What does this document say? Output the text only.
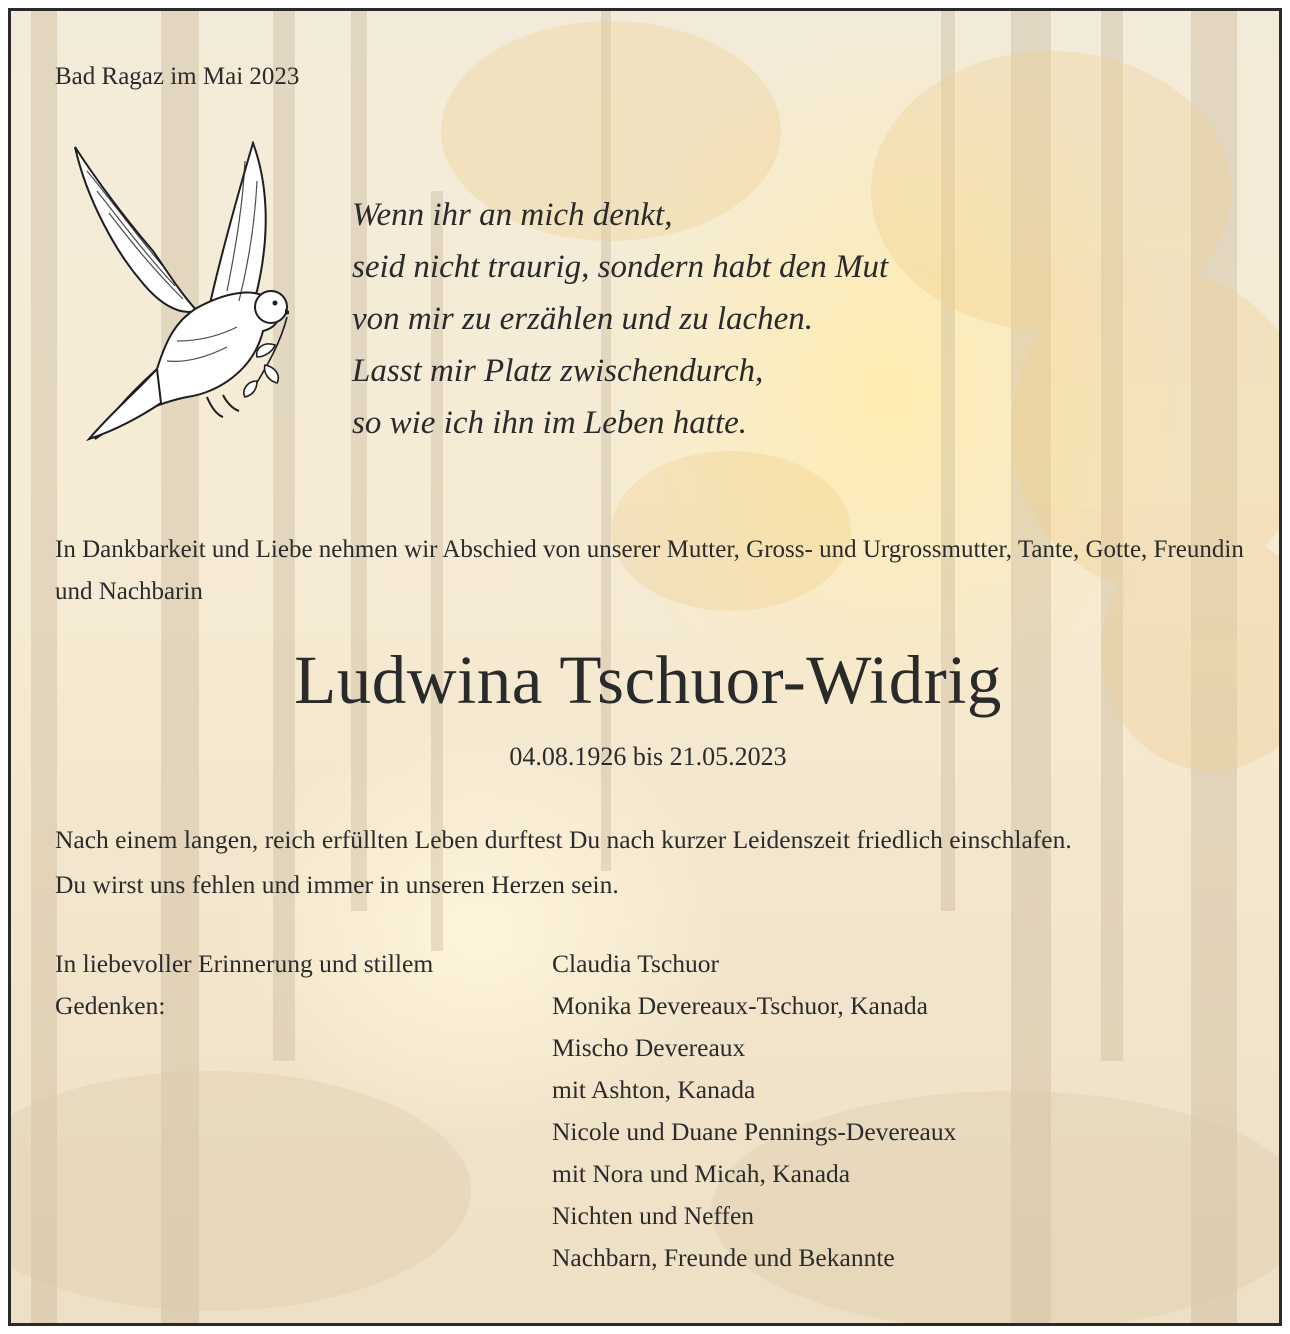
Bad Ragaz im Mai 2023
Wenn ihr an mich denkt,
seid nicht traurig, sondern habt den Mut
von mir zu erzählen und zu lachen.
Lasst mir Platz zwischendurch,
so wie ich ihn im Leben hatte.
In Dankbarkeit und Liebe nehmen wir Abschied von unserer Mutter, Gross- und Urgrossmutter, Tante, Gotte, Freundin und Nachbarin
Ludwina Tschuor-Widrig
04.08.1926 bis 21.05.2023
Nach einem langen, reich erfüllten Leben durftest Du nach kurzer Leidenszeit friedlich einschlafen.
Du wirst uns fehlen und immer in unseren Herzen sein.
In liebevoller Erinnerung und stillem Gedenken:
Claudia Tschuor
Monika Devereaux-Tschuor, Kanada
Mischo Devereaux
mit Ashton, Kanada
Nicole und Duane Pennings-Devereaux
mit Nora und Micah, Kanada
Nichten und Neffen
Nachbarn, Freunde und Bekannte
